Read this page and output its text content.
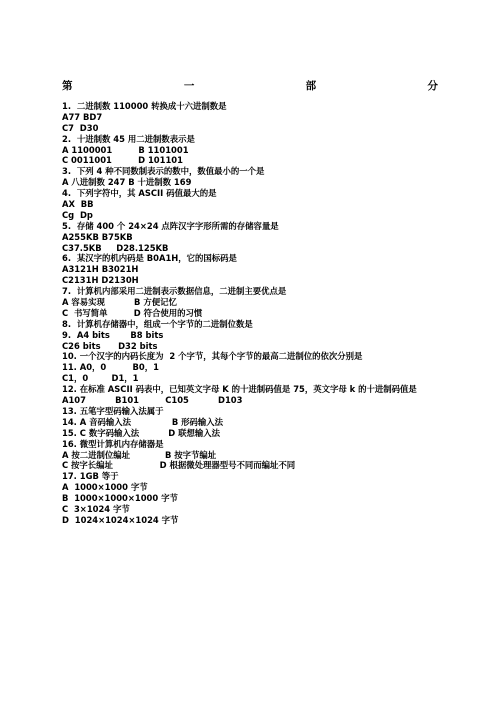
第	一	部	分
1.  二进制数 110000 转换成十六进制数是
A77 BD7
C7  D30
2.  十进制数 45 用二进制数表示是
A 1100001         B 1101001
C 0011001         D 101101
3.  下列 4 种不同数制表示的数中，数值最小的一个是
A 八进制数 247 B 十进制数 169
4.  下列字符中，其 ASCII 码值最大的是
AX  BB
Cg  Dp
5.  存储 400 个 24×24 点阵汉字字形所需的存储容量是
A255KB B75KB
C37.5KB     D28.125KB
6.  某汉字的机内码是 B0A1H，它的国标码是
A3121H B3021H
C2131H D2130H
7.  计算机内部采用二进制表示数据信息，二进制主要优点是
A 容易实现          B 方便记忆
C  书写简单         D 符合使用的习惯
8.  计算机存储器中，组成一个字节的二进制位数是
9.  A4 bits       B8 bits
C26 bits      D32 bits
10. 一个汉字的内码长度为  2 个字节，其每个字节的最高二进制位的依次分别是
11. A0，0         B0，1
C1，0        D1，1
12. 在标准 ASCII 码表中，已知英文字母 K 的十进制码值是 75，英文字母 k 的十进制码值是
A107          B101         C105          D103
13. 五笔字型码输入法属于
14. A 音码输入法              B 形码输入法
15. C 数字码输入法          D 联想输入法
16. 微型计算机内存储器是
A 按二进制位编址            B 按字节编址
C 按字长编址                D 根据微处理器型号不同而编址不同
17. 1GB 等于
A  1000×1000 字节
B  1000×1000×1000 字节
C  3×1024 字节
D  1024×1024×1024 字节
